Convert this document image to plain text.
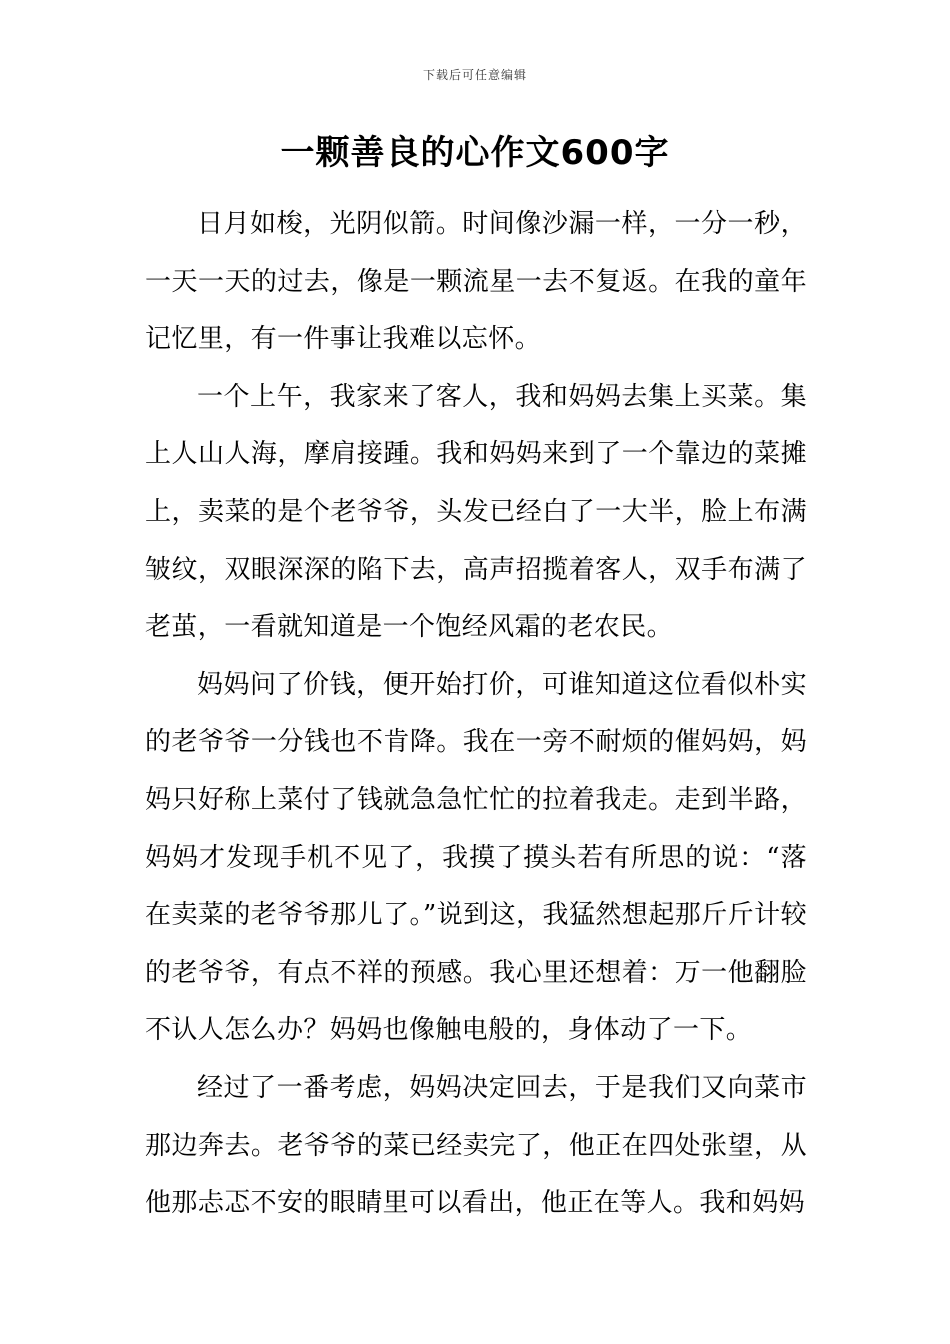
下载后可任意编辑
一颗善良的心作文600字

日月如梭，光阴似箭。时间像沙漏一样，一分一秒，一天一天的过去，像是一颗流星一去不复返。在我的童年记忆里，有一件事让我难以忘怀。

一个上午，我家来了客人，我和妈妈去集上买菜。集上人山人海，摩肩接踵。我和妈妈来到了一个靠边的菜摊上，卖菜的是个老爷爷，头发已经白了一大半，脸上布满皱纹，双眼深深的陷下去，高声招揽着客人，双手布满了老茧，一看就知道是一个饱经风霜的老农民。

妈妈问了价钱，便开始打价，可谁知道这位看似朴实的老爷爷一分钱也不肯降。我在一旁不耐烦的催妈妈，妈妈只好称上菜付了钱就急急忙忙的拉着我走。走到半路，妈妈才发现手机不见了，我摸了摸头若有所思的说：“落在卖菜的老爷爷那儿了。”说到这，我猛然想起那斤斤计较的老爷爷，有点不祥的预感。我心里还想着：万一他翻脸不认人怎么办？妈妈也像触电般的，身体动了一下。

经过了一番考虑，妈妈决定回去，于是我们又向菜市那边奔去。老爷爷的菜已经卖完了，他正在四处张望，从他那忐忑不安的眼睛里可以看出，他正在等人。我和妈妈
